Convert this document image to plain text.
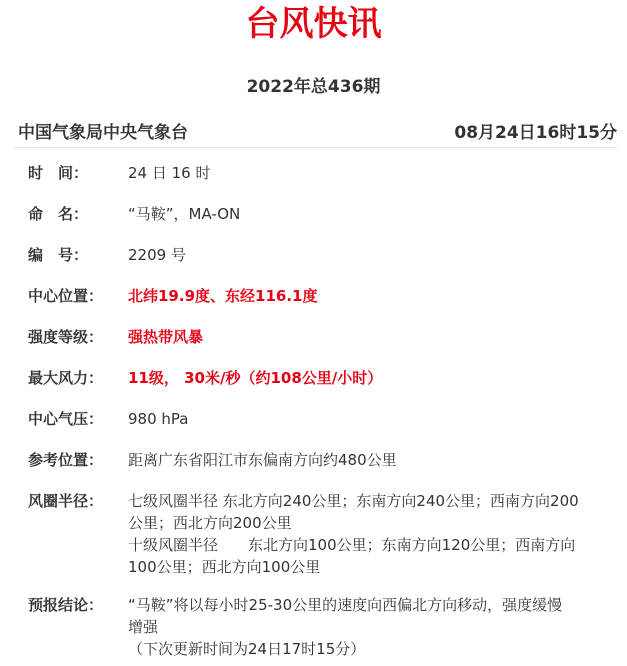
台风快讯
2022年总436期
中国气象局中央气象台	08月24日16时15分
时　间：	24 日 16 时
命　名：	“马鞍”，MA-ON
编　号：	2209 号
中心位置：	北纬19.9度、东经116.1度
强度等级：	强热带风暴
最大风力：	11级， 30米/秒（约108公里/小时）
中心气压：	980 hPa
参考位置：	距离广东省阳江市东偏南方向约480公里
风圈半径：	七级风圈半径 东北方向240公里；东南方向240公里；西南方向200
公里；西北方向200公里
十级风圈半径　　东北方向100公里；东南方向120公里；西南方向
100公里；西北方向100公里
预报结论：	“马鞍”将以每小时25-30公里的速度向西偏北方向移动，强度缓慢
增强
（下次更新时间为24日17时15分）
